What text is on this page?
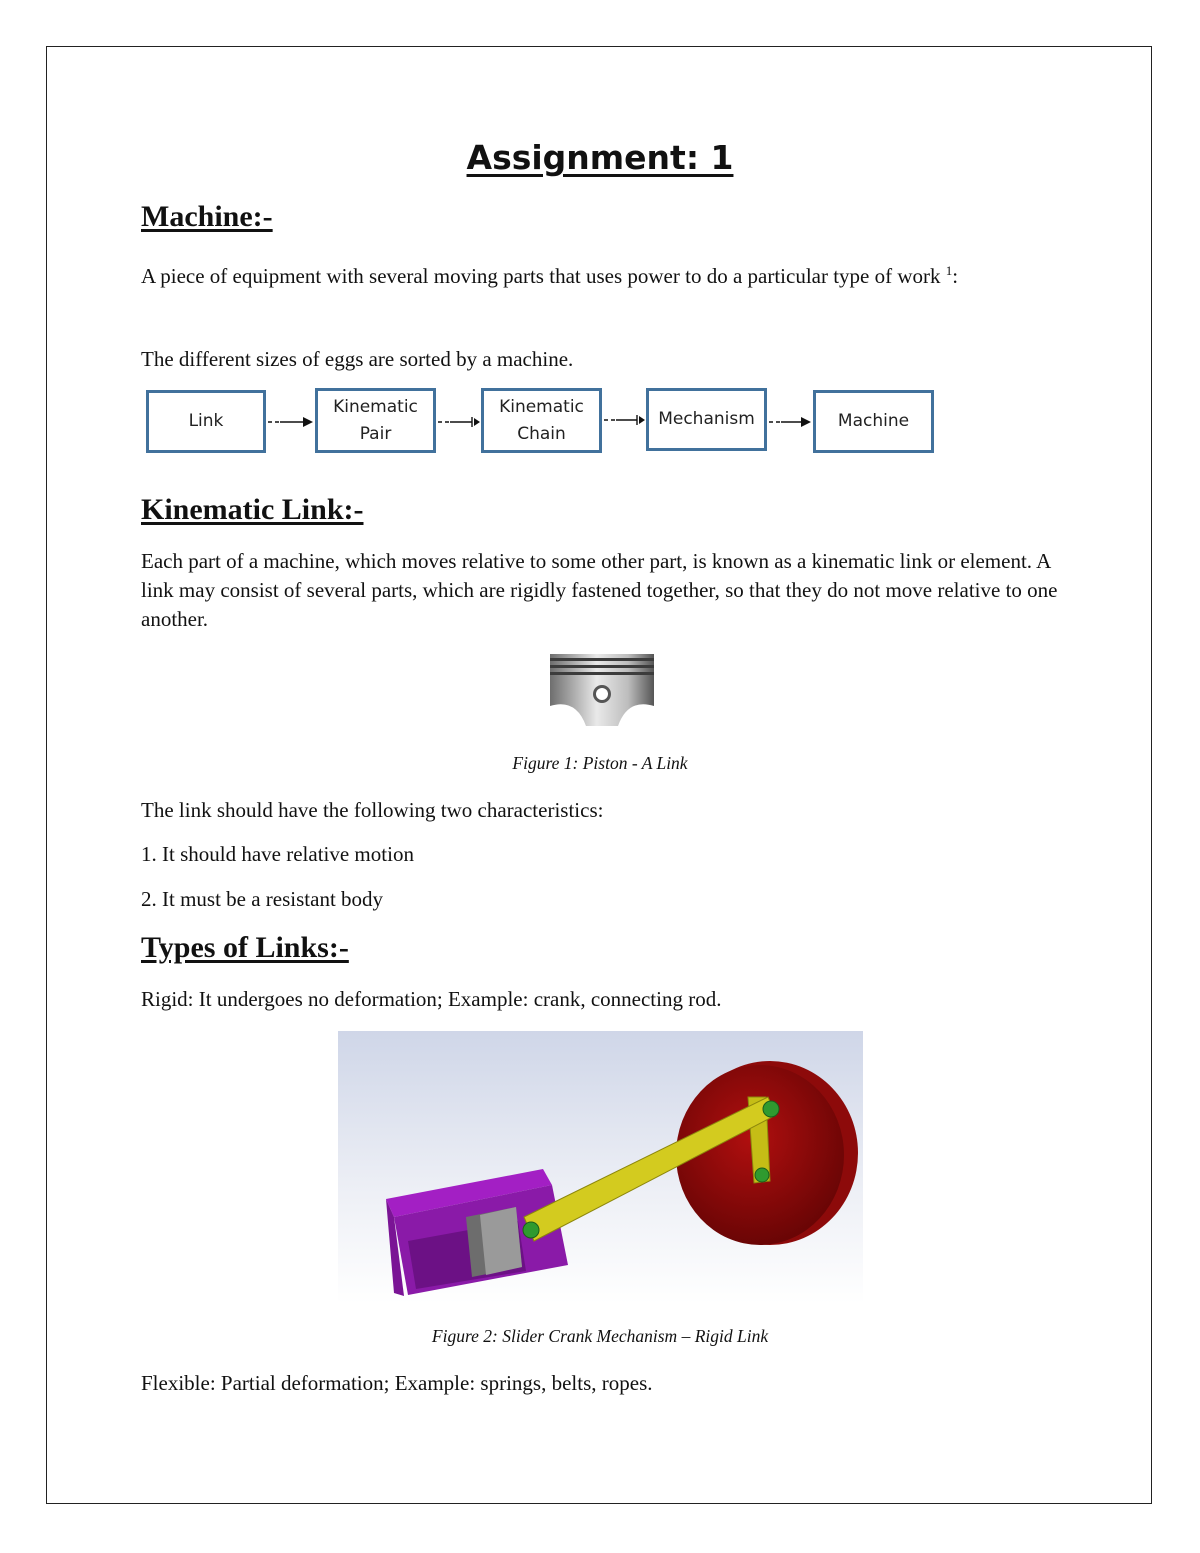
Assignment: 1
Machine:-
A piece of equipment with several moving parts that uses power to do a particular type of work $^1$:
The different sizes of eggs are sorted by a machine.
Link
Kinematic Pair
Kinematic Chain
Mechanism	Machine
Kinematic Link:-
Each part of a machine, which moves relative to some other part, is known as a kinematic link or element. A link may consist of several parts, which are rigidly fastened together, so that they do not move relative to one another.
Figure 1: Piston - A Link
The link should have the following two characteristics:
1. It should have relative motion
2. It must be a resistant body
Types of Links:-
Rigid: It undergoes no deformation; Example: crank, connecting rod.
Figure 2: Slider Crank Mechanism – Rigid Link
Flexible: Partial deformation; Example: springs, belts, ropes.
